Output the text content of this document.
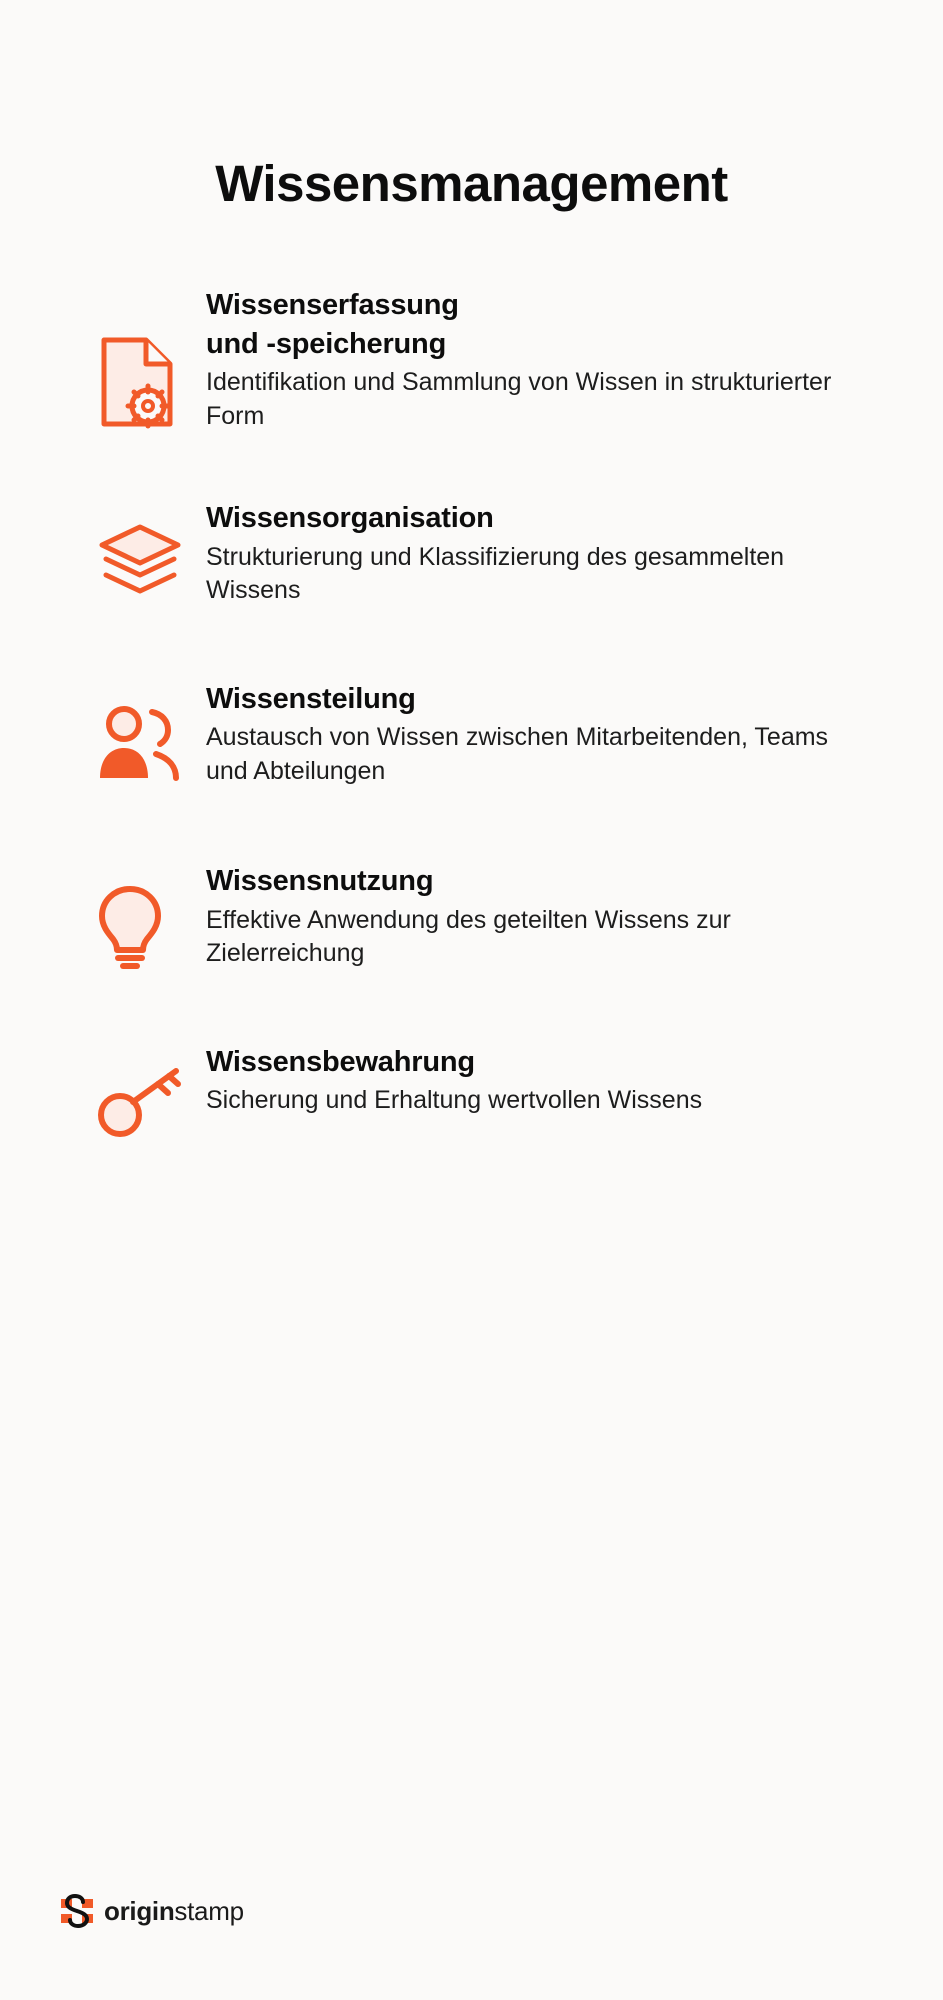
Wissensmanagement
Wissenserfassung
und -speicherung

Identifikation und Sammlung von Wissen in strukturierter Form

Wissensorganisation

Strukturierung und Klassifizierung des gesammelten Wissens

Wissensteilung

Austausch von Wissen zwischen Mitarbeitenden, Teams und Abteilungen

Wissensnutzung

Effektive Anwendung des geteilten Wissens zur Zielerreichung

Wissensbewahrung

Sicherung und Erhaltung wertvollen Wissens

originstamp
